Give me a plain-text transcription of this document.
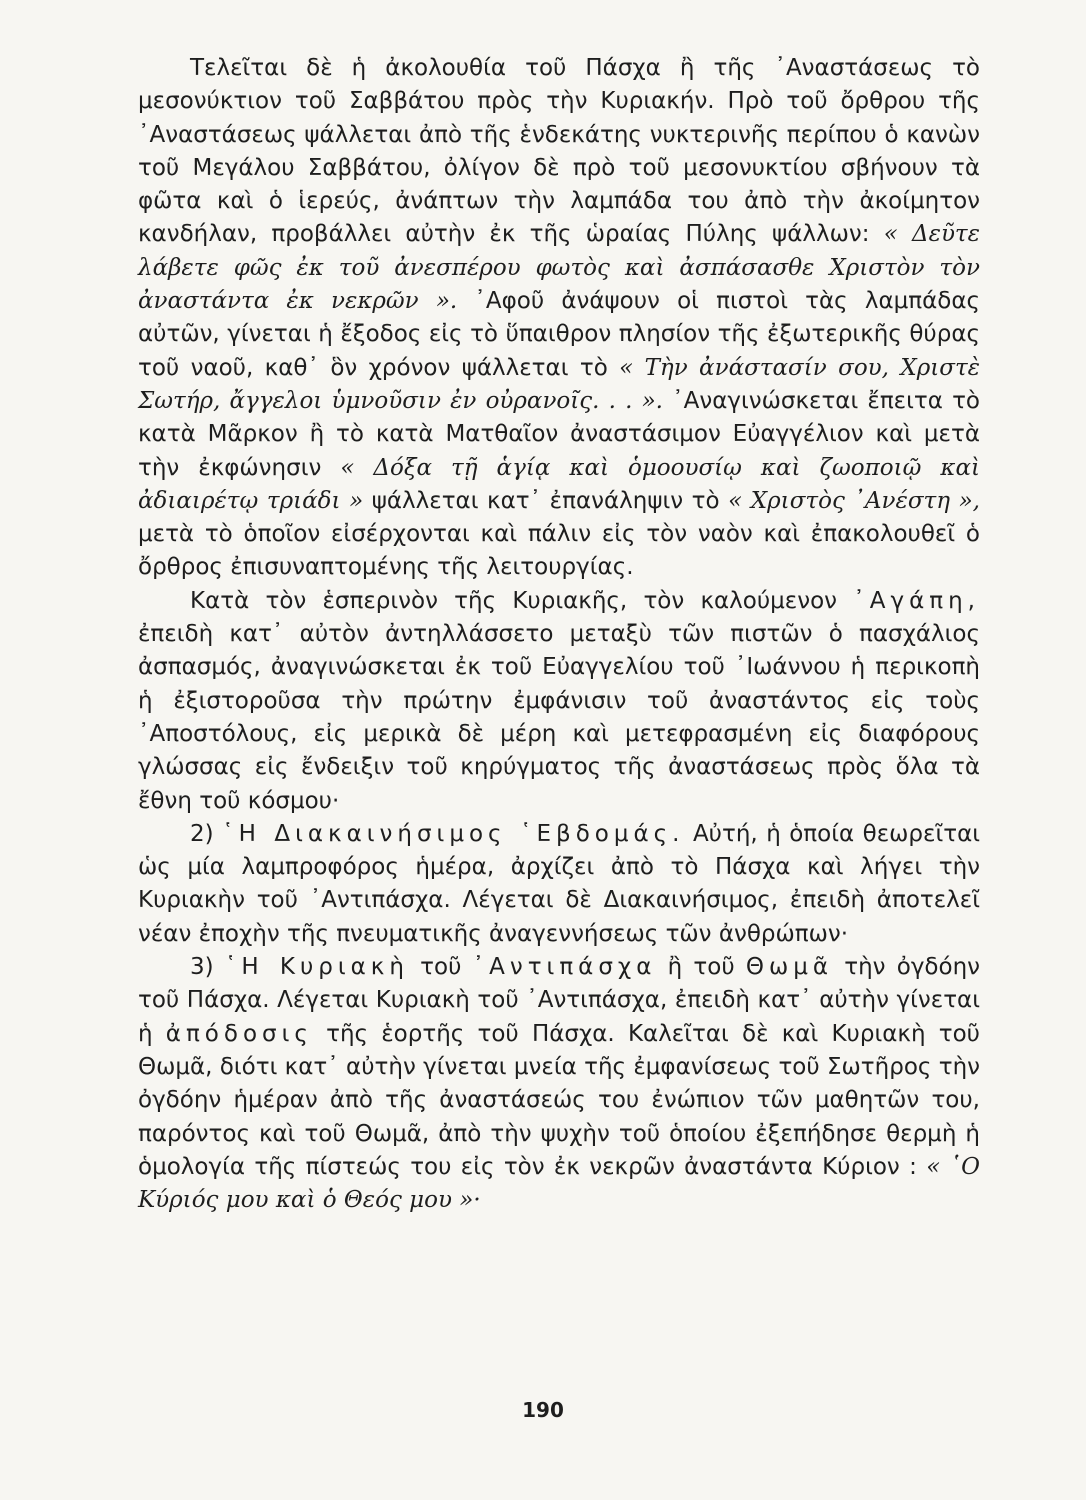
Τελεῖται δὲ ἡ ἀκολουθία τοῦ Πάσχα ἢ τῆς ᾽Αναστάσεως τὸ μεσονύκτιον τοῦ Σαββάτου πρὸς τὴν Κυριακήν. Πρὸ τοῦ ὄρθρου τῆς ᾽Αναστάσεως ψάλλεται ἀπὸ τῆς ἑνδεκάτης νυκτερινῆς περίπου ὁ κανὼν τοῦ Μεγάλου Σαββάτου, ὀλίγον δὲ πρὸ τοῦ μεσονυκτίου σβήνουν τὰ φῶτα καὶ ὁ ἱερεύς, ἀνάπτων τὴν λαμπάδα του ἀπὸ τὴν ἀκοίμητον κανδήλαν, προβάλλει αὐτὴν ἐκ τῆς ὡραίας Πύλης ψάλλων: « Δεῦτε λάβετε φῶς ἐκ τοῦ ἀνεσπέρου φωτὸς καὶ ἀσπάσασθε Χριστὸν τὸν ἀναστάντα ἐκ νεκρῶν ». ᾽Αφοῦ ἀνάψουν οἱ πιστοὶ τὰς λαμπάδας αὐτῶν, γίνεται ἡ ἔξοδος εἰς τὸ ὕπαιθρον πλησίον τῆς ἐξωτερικῆς θύρας τοῦ ναοῦ, καθ᾽ ὃν χρόνον ψάλλεται τὸ « Τὴν ἀνάστασίν σου, Χριστὲ Σωτήρ, ἄγγελοι ὑμνοῦσιν ἐν οὐρανοῖς. . . ». ᾽Αναγινώσκεται ἔπειτα τὸ κατὰ Μᾶρκον ἢ τὸ κατὰ Ματθαῖον ἀναστάσιμον Εὐαγγέλιον καὶ μετὰ τὴν ἐκφώνησιν « Δόξα τῇ ἁγίᾳ καὶ ὁμοουσίῳ καὶ ζωοποιῷ καὶ ἀδιαιρέτῳ τριάδι » ψάλλεται κατ᾽ ἐπανάληψιν τὸ « Χριστὸς ᾽Ανέστη », μετὰ τὸ ὁποῖον εἰσέρχονται καὶ πάλιν εἰς τὸν ναὸν καὶ ἐπακολουθεῖ ὁ ὄρθρος ἐπισυναπτομένης τῆς λειτουργίας.

Κατὰ τὸν ἑσπερινὸν τῆς Κυριακῆς, τὸν καλούμενον ᾽Αγάπη, ἐπειδὴ κατ᾽ αὐτὸν ἀντηλλάσσετο μεταξὺ τῶν πιστῶν ὁ πασχάλιος ἀσπασμός, ἀναγινώσκεται ἐκ τοῦ Εὐαγγελίου τοῦ ᾽Ιωάννου ἡ περικοπὴ ἡ ἐξιστοροῦσα τὴν πρώτην ἐμφάνισιν τοῦ ἀναστάντος εἰς τοὺς ᾽Αποστόλους, εἰς μερικὰ δὲ μέρη καὶ μετεφρασμένη εἰς διαφόρους γλώσσας εἰς ἔνδειξιν τοῦ κηρύγματος τῆς ἀναστάσεως πρὸς ὅλα τὰ ἔθνη τοῦ κόσμου·

2) ῾Η Διακαινήσιμος ῾Εβδομάς. Αὐτή, ἡ ὁποία θεωρεῖται ὡς μία λαμπροφόρος ἡμέρα, ἀρχίζει ἀπὸ τὸ Πάσχα καὶ λήγει τὴν Κυριακὴν τοῦ ᾽Αντιπάσχα. Λέγεται δὲ Διακαινήσιμος, ἐπειδὴ ἀποτελεῖ νέαν ἐποχὴν τῆς πνευματικῆς ἀναγεννήσεως τῶν ἀνθρώπων·

3) ῾Η Κυριακὴ τοῦ ᾽Αντιπάσχα ἢ τοῦ Θωμᾶ τὴν ὀγδόην τοῦ Πάσχα. Λέγεται Κυριακὴ τοῦ ᾽Αντιπάσχα, ἐπειδὴ κατ᾽ αὐτὴν γίνεται ἡ ἀπόδοσις τῆς ἑορτῆς τοῦ Πάσχα. Καλεῖται δὲ καὶ Κυριακὴ τοῦ Θωμᾶ, διότι κατ᾽ αὐτὴν γίνεται μνεία τῆς ἐμφανίσεως τοῦ Σωτῆρος τὴν ὀγδόην ἡμέραν ἀπὸ τῆς ἀναστάσεώς του ἐνώπιον τῶν μαθητῶν του, παρόντος καὶ τοῦ Θωμᾶ, ἀπὸ τὴν ψυχὴν τοῦ ὁποίου ἐξεπήδησε θερμὴ ἡ ὁμολογία τῆς πίστεώς του εἰς τὸν ἐκ νεκρῶν ἀναστάντα Κύριον : « ῾Ο Κύριός μου καὶ ὁ Θεός μου »·

190
